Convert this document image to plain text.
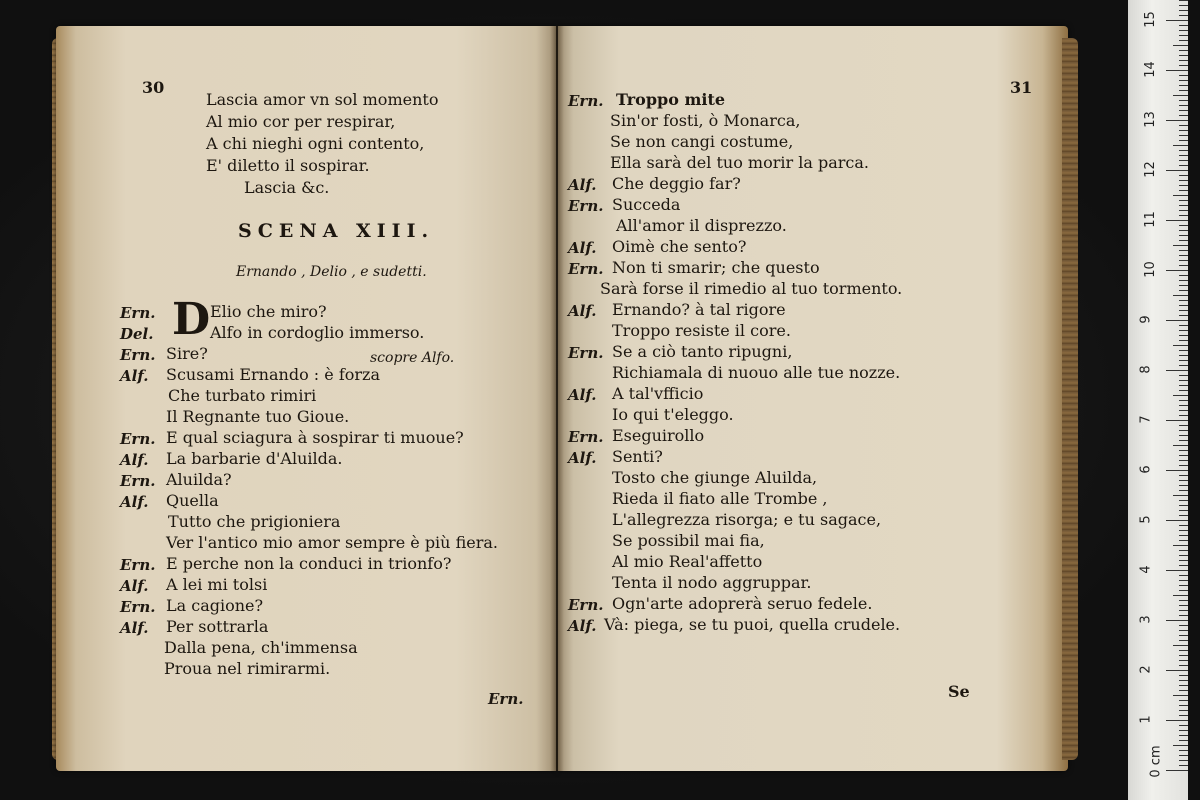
30
Lascia amor vn sol momento
Al mio cor per respirar,
A chi nieghi ogni contento,
E' diletto il sospirar.
Lascia &c.
SCENA XIII.
Ernando , Delio , e sudetti.
D
scopre Alfo.
Ern.	Elio che miro?
Del.	Alfo in cordoglio immerso.
Ern. Sire?
Alf. Scusami Ernando : è forza
Che turbato rimiri
Il Regnante tuo Gioue.
Ern. E qual sciagura à sospirar ti muoue?
Alf. La barbarie d'Aluilda.
Ern. Aluilda?
Alf. Quella
Tutto che prigioniera
Ver l'antico mio amor sempre è più fiera.
Ern. E perche non la conduci in trionfo?
Alf. A lei mi tolsi
Ern. La cagione?
Alf. Per sottrarla
Dalla pena, ch'immensa
Proua nel rimirarmi.
Ern.
31
Ern. Troppo mite
Sin'or fosti, ò Monarca,
Se non cangi costume,
Ella sarà del tuo morir la parca.
Alf. Che deggio far?
Ern. Succeda
All'amor il disprezzo.
Alf. Oimè che sento?
Ern. Non ti smarir; che questo
Sarà forse il rimedio al tuo tormento.
Alf. Ernando? à tal rigore
Troppo resiste il core.
Ern. Se a ciò tanto ripugni,
Richiamala di nuouo alle tue nozze.
Alf. A tal'vfficio
Io qui t'eleggo.
Ern. Eseguirollo
Alf. Senti?
Tosto che giunge Aluilda,
Rieda il fiato alle Trombe ,
L'allegrezza risorga; e tu sagace,
Se possibil mai fia,
Al mio Real'affetto
Tenta il nodo aggruppar.
Ern. Ogn'arte adoprerà seruo fedele.
Alf. Và: piega, se tu puoi, quella crudele.
Se
0 cm
1
2
3
4
5
6
7
8
9
10
11
12
13
14
15
